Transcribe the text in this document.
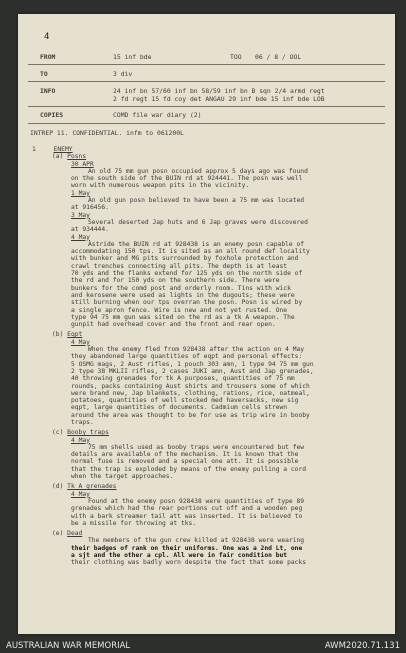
4
FROM	15 inf bde	TOO 06 / 8 / OOL
TO	3 div
INFO	24 inf bn 57/60 inf bn 58/59 inf bn B sqn 2/4 armd regt
2 fd regt 15 fd coy det ANGAU 29 inf bde 15 inf bde LOB
COPIES	COMD file war diary (2)
INTREP 11. CONFIDENTIAL. infm to 061200L
1	ENEMY
(a) Posns
30 APR
An old 75 mm gun posn occupied approx 5 days ago was found
on the south side of the BUIN rd at 924441. The posn was well
worn with numerous weapon pits in the vicinity.
1 May
An old gun posn believed to have been a 75 mm was located
at 916456.
3 May
Several deserted Jap huts and 6 Jap graves were discovered
at 934444.
4 May
Astride the BUIN rd at 928438 is an enemy posn capable of
accommodating 150 tps. It is sited as an all round def locality
with bunker and MG pits surrounded by foxhole protection and
crawl trenches connecting all pits. The depth is at least
70 yds and the flanks extend for 125 yds on the north side of
the rd and for 150 yds on the southern side. There were
bunkers for the comd post and orderly room. Tins with wick
and kerosene were used as lights in the dugouts; these were
still burning when our tps overran the posn. Posn is wired by
a single apron fence. Wire is new and not yet rusted. One
type 94 75 mm gun was sited on the rd as a tk A weapon. The
gunpit had overhead cover and the front and rear open.
(b) Eqpt
4 May
When the enemy fled from 928438 after the action on 4 May
they abandoned large quantities of eqpt and personal effects:
5 OSMG mags, 2 Aust rifles, 1 pouch 303 amn, 1 type 94 75 mm gun
2 type 38 MKLII rifles, 2 cases JUKI amn, Aust and Jap grenades,
40 throwing grenades for tk A purposes, quantities of 75 mm
rounds, packs containing Aust shirts and trousers some of which
were brand new, Jap blankets, clothing, rations, rice, oatmeal,
potatoes, quantities of well stocked med haversacks, new sig
eqpt, large quantities of documents. Cadmium cells strewn
around the area was thought to be for use as trip wire in booby
traps.
(c) Booby traps
4 May
75 mm shells used as booby traps were encountered but few
details are available of the mechanism. It is known that the
normal fuse is removed and a special one att. It is possible
that the trap is exploded by means of the enemy pulling a cord
when the target approaches.
(d) Tk A grenades
4 May
Found at the enemy posn 928438 were quantities of type 89
grenades which had the rear portions cut off and a wooden peg
with a bark streamer tail att was inserted. It is believed to
be a missile for throwing at tks.
(e) Dead
The members of the gun crew killed at 928438 were wearing
their badges of rank on their uniforms. One was a 2nd Lt, one
a sjt and the other a cpl. All were in fair condition but
their clothing was badly worn despite the fact that some packs
AUSTRALIAN WAR MEMORIAL	AWM2020.71.131
